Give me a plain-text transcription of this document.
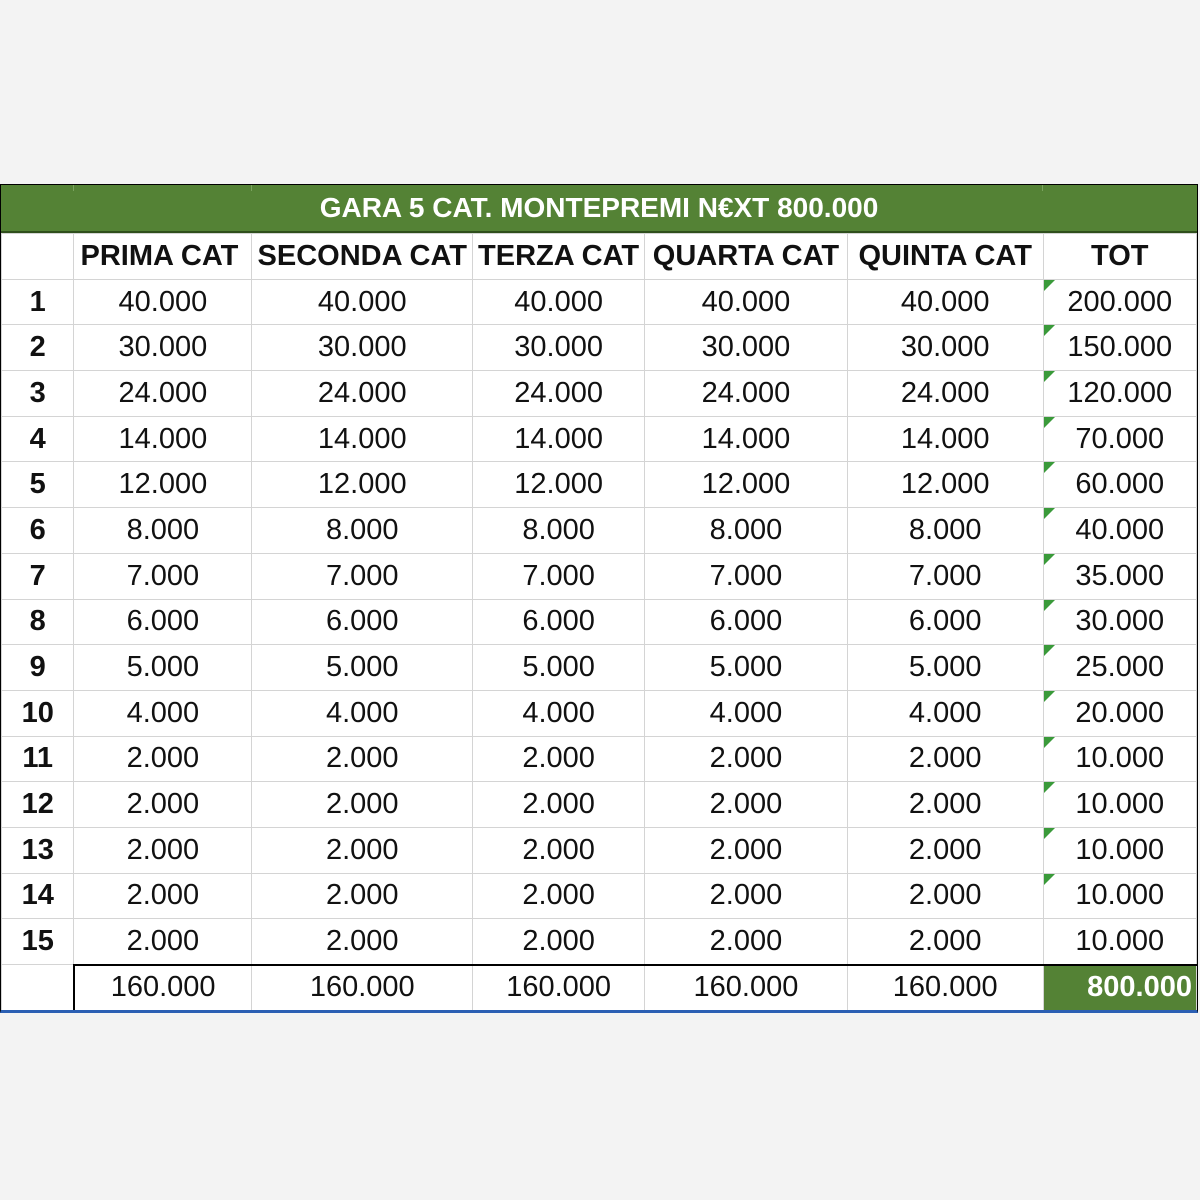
GARA 5 CAT. MONTEPREMI N€XT 800.000
	PRIMA CAT	SECONDA CAT	TERZA CAT	QUARTA CAT	QUINTA CAT	TOT
1	40.000	40.000	40.000	40.000	40.000	200.000
2	30.000	30.000	30.000	30.000	30.000	150.000
3	24.000	24.000	24.000	24.000	24.000	120.000
4	14.000	14.000	14.000	14.000	14.000	70.000
5	12.000	12.000	12.000	12.000	12.000	60.000
6	8.000	8.000	8.000	8.000	8.000	40.000
7	7.000	7.000	7.000	7.000	7.000	35.000
8	6.000	6.000	6.000	6.000	6.000	30.000
9	5.000	5.000	5.000	5.000	5.000	25.000
10	4.000	4.000	4.000	4.000	4.000	20.000
11	2.000	2.000	2.000	2.000	2.000	10.000
12	2.000	2.000	2.000	2.000	2.000	10.000
13	2.000	2.000	2.000	2.000	2.000	10.000
14	2.000	2.000	2.000	2.000	2.000	10.000
15	2.000	2.000	2.000	2.000	2.000	10.000
	160.000	160.000	160.000	160.000	160.000	800.000
